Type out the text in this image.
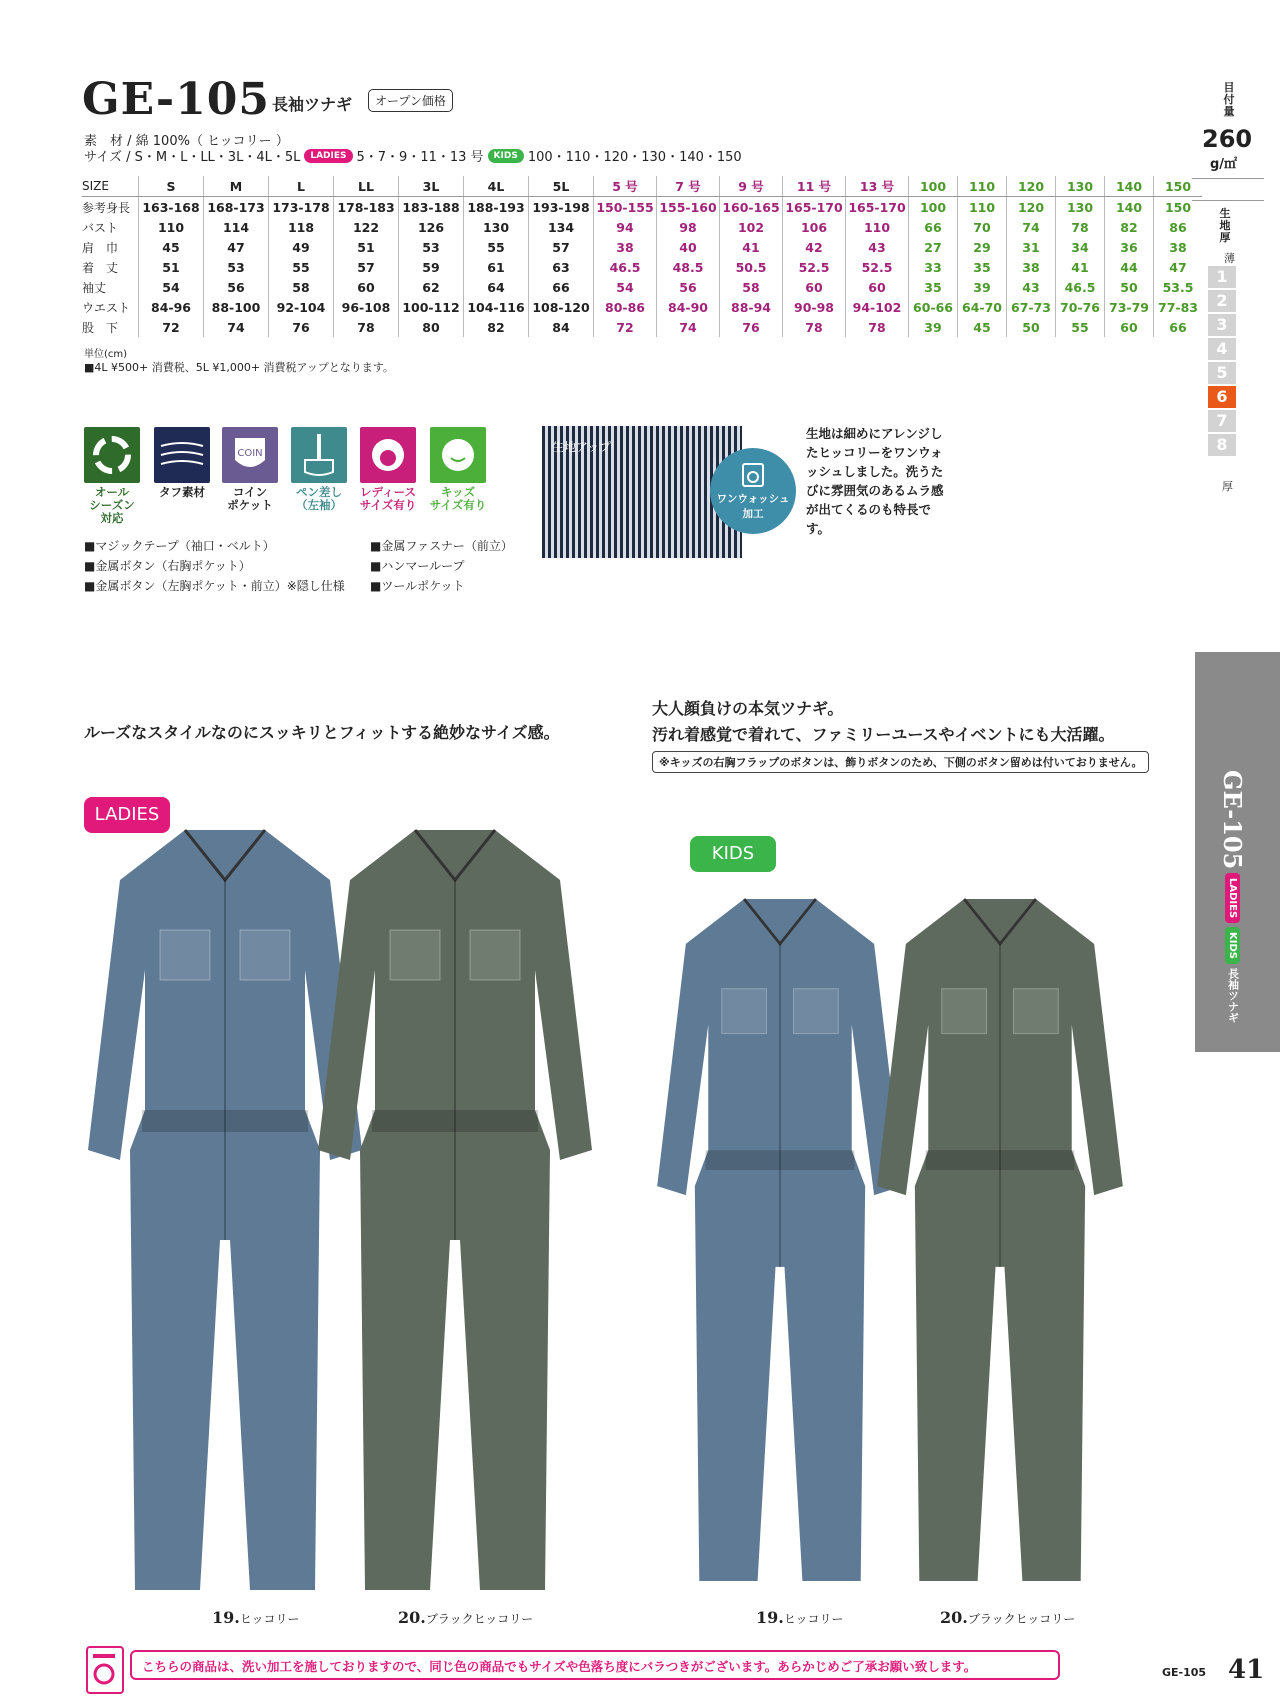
GE-105 長袖ツナギ	オープン価格
素　材 / 綿 100%（ ヒッコリー ）
サイズ / S・M・L・LL・3L・4L・5L	LADIES 5・7・9・11・13 号	KIDS 100・110・120・130・140・150
SIZE	S	M	L	LL	3L	4L	5L	5 号	7 号	9 号	11 号	13 号	100	110	120	130	140	150
参考身長	163-168	168-173	173-178	178-183	183-188	188-193	193-198	150-155	155-160	160-165	165-170	165-170	100	110	120	130	140	150
バスト	110	114	118	122	126	130	134	94	98	102	106	110	66	70	74	78	82	86
肩　巾	45	47	49	51	53	55	57	38	40	41	42	43	27	29	31	34	36	38
着　丈	51	53	55	57	59	61	63	46.5	48.5	50.5	52.5	52.5	33	35	38	41	44	47
袖丈	54	56	58	60	62	64	66	54	56	58	60	60	35	39	43	46.5	50	53.5
ウエスト	84-96	88-100	92-104	96-108	100-112	104-116	108-120	80-86	84-90	88-94	90-98	94-102	60-66	64-70	67-73	70-76	73-79	77-83
股　下	72	74	76	78	80	82	84	72	74	76	78	78	39	45	50	55	60	66
単位(cm)
■4L ¥500+ 消費税、5L ¥1,000+ 消費税アップとなります。
目付量
260
g/㎡
生地厚
薄
1
2
3
4
5
6
7
8
厚
COIN
オール
シーズン
対応
タフ素材	コイン
ポケット
ペン差し
（左袖）
レディース
サイズ有り
キッズ
サイズ有り
■マジックテープ（袖口・ベルト）
■金属ボタン（右胸ポケット）
■金属ボタン（左胸ポケット・前立）※隠し仕様
■金属ファスナー（前立）
■ハンマーループ
■ツールポケット
生地アップ
ワンウォッシュ
加工
生地は細めにアレンジしたヒッコリーをワンウォッシュしました。洗うたびに雰囲気のあるムラ感が出てくるのも特長です。
GE-105
LADIES
KIDS
長袖ツナギ
ルーズなスタイルなのにスッキリとフィットする絶妙なサイズ感。
大人顔負けの本気ツナギ。
汚れ着感覚で着れて、ファミリーユースやイベントにも大活躍。
※キッズの右胸フラップのボタンは、飾りボタンのため、下側のボタン留めは付いておりません。
LADIES
KIDS
19.ヒッコリー	20.ブラックヒッコリー	19.ヒッコリー	20.ブラックヒッコリー
こちらの商品は、洗い加工を施しておりますので、同じ色の商品でもサイズや色落ち度にバラつきがございます。あらかじめご了承お願い致します。	GE-105 41
